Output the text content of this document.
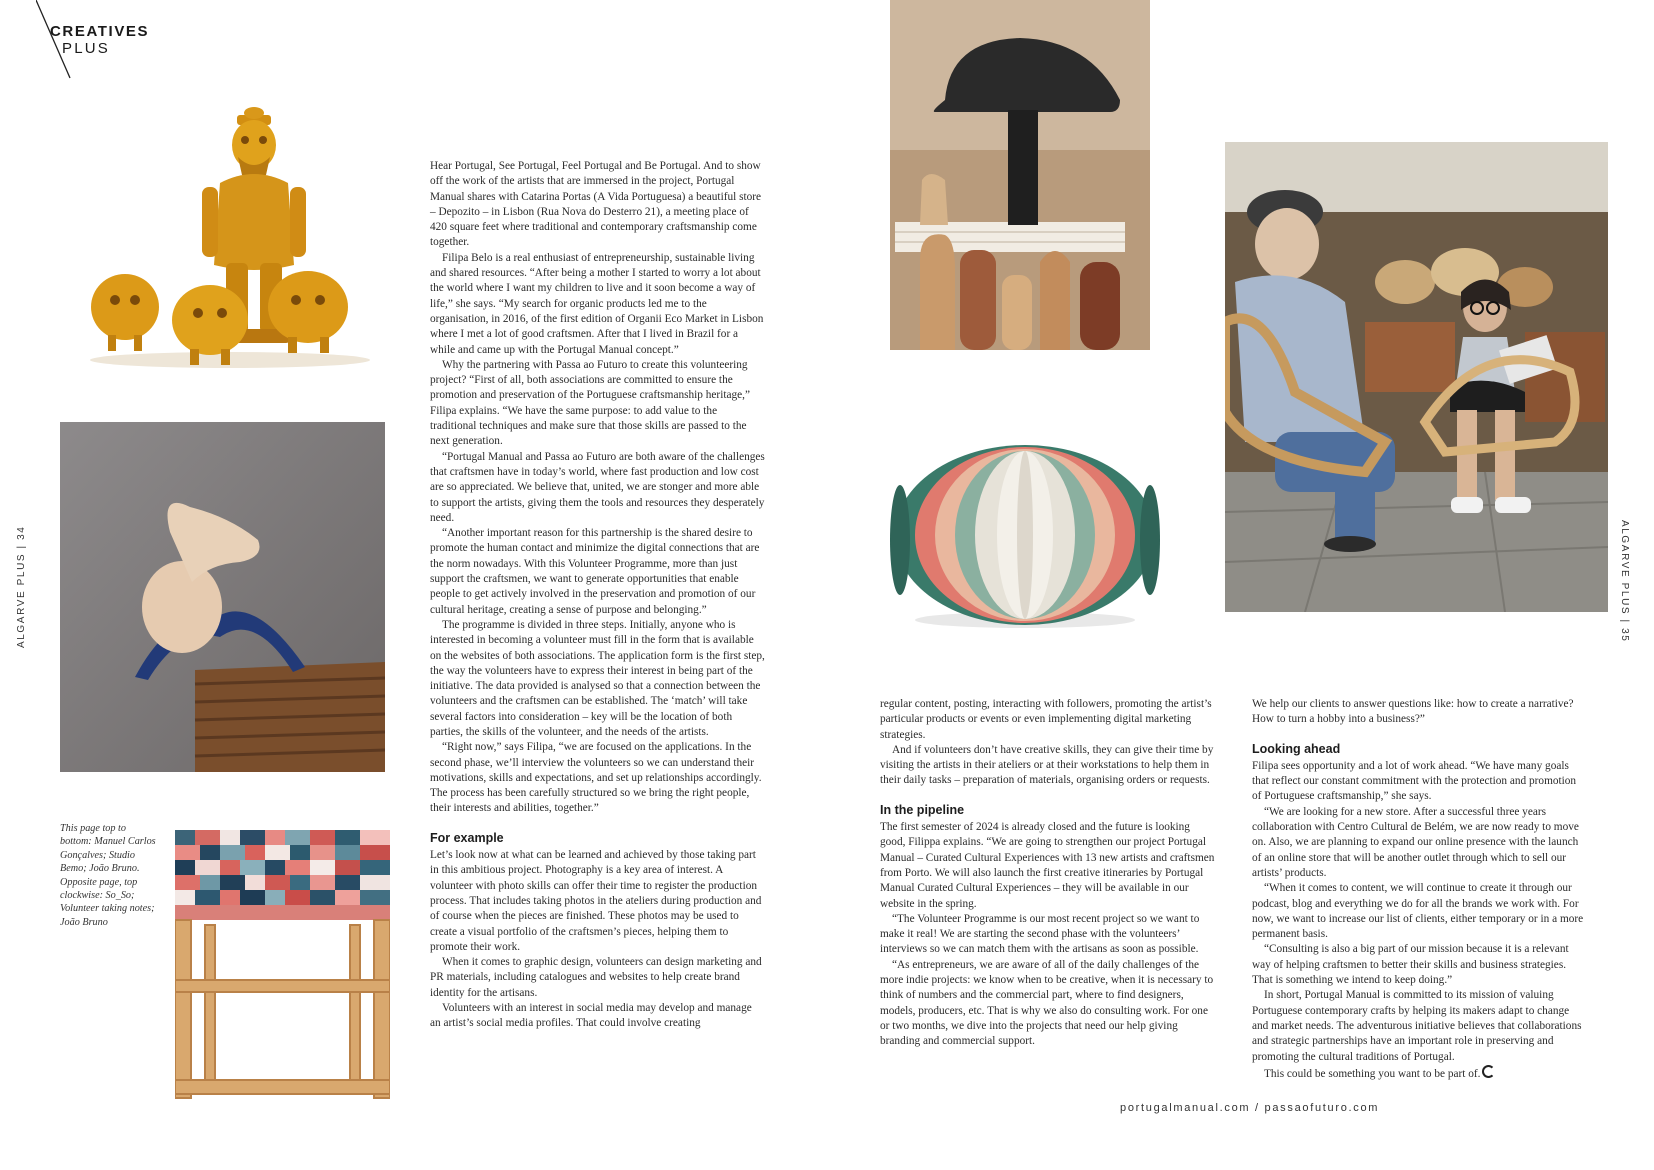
CREATIVES
PLUS
ALGARVE PLUS | 34	ALGARVE PLUS | 35
This page top to bottom: Manuel Carlos Gonçalves; Studio Bemo; João Bruno. Opposite page, top clockwise: So_So; Volunteer taking notes; João Bruno

Hear Portugal, See Portugal, Feel Portugal and Be Portugal. And to show off the work of the artists that are immersed in the project, Portugal Manual shares with Catarina Portas (A Vida Portuguesa) a beautiful store – Depozito – in Lisbon (Rua Nova do Desterro 21), a meeting place of 420 square feet where traditional and contemporary craftsmanship come together.

Filipa Belo is a real enthusiast of entrepreneurship, sustainable living and shared resources. “After being a mother I started to worry a lot about the world where I want my children to live and it soon become a way of life,” she says. “My search for organic products led me to the organisation, in 2016, of the first edition of Organii Eco Market in Lisbon where I met a lot of good craftsmen. After that I lived in Brazil for a while and came up with the Portugal Manual concept.”

Why the partnering with Passa ao Futuro to create this volunteering project? “First of all, both associations are committed to ensure the promotion and preservation of the Portuguese craftsmanship heritage,” Filipa explains. “We have the same purpose: to add value to the traditional techniques and make sure that those skills are passed to the next generation.

“Portugal Manual and Passa ao Futuro are both aware of the challenges that craftsmen have in today’s world, where fast production and low cost are so appreciated. We believe that, united, we are stonger and more able to support the artists, giving them the tools and resources they desperately need.

“Another important reason for this partnership is the shared desire to promote the human contact and minimize the digital connections that are the norm nowadays. With this Volunteer Programme, more than just support the craftsmen, we want to generate opportunities that enable people to get actively involved in the preservation and promotion of our cultural heritage, creating a sense of purpose and belonging.”

The programme is divided in three steps. Initially, anyone who is interested in becoming a volunteer must fill in the form that is available on the websites of both associations. The application form is the first step, the way the volunteers have to express their interest in being part of the initiative. The data provided is analysed so that a connection between the volunteers and the craftsmen can be established. The ‘match’ will take several factors into consideration – key will be the location of both parties, the skills of the volunteer, and the needs of the artists.

“Right now,” says Filipa, “we are focused on the applications. In the second phase, we’ll interview the volunteers so we can understand their motivations, skills and expectations, and set up relationships accordingly. The process has been carefully structured so we bring the right people, their interests and abilities, together.”

For example

Let’s look now at what can be learned and achieved by those taking part in this ambitious project. Photography is a key area of interest. A volunteer with photo skills can offer their time to register the production process. That includes taking photos in the ateliers during production and of course when the pieces are finished. These photos may be used to create a visual portfolio of the craftsmen’s pieces, helping them to promote their work.

When it comes to graphic design, volunteers can design marketing and PR materials, including catalogues and websites to help create brand identity for the artisans.

Volunteers with an interest in social media may develop and manage an artist’s social media profiles. That could involve creating

regular content, posting, interacting with followers, promoting the artist’s particular products or events or even implementing digital marketing strategies.

And if volunteers don’t have creative skills, they can give their time by visiting the artists in their ateliers or at their workstations to help them in their daily tasks – preparation of materials, organising orders or requests.

In the pipeline

The first semester of 2024 is already closed and the future is looking good, Filippa explains. “We are going to strengthen our project Portugal Manual – Curated Cultural Experiences with 13 new artists and craftsmen from Porto. We will also launch the first creative itineraries by Portugal Manual Curated Cultural Experiences – they will be available in our website in the spring.

“The Volunteer Programme is our most recent project so we want to make it real! We are starting the second phase with the volunteers’ interviews so we can match them with the artisans as soon as possible.

“As entrepreneurs, we are aware of all of the daily challenges of the more indie projects: we know when to be creative, when it is necessary to think of numbers and the commercial part, where to find designers, models, producers, etc. That is why we also do consulting work. For one or two months, we dive into the projects that need our help giving branding and commercial support.

We help our clients to answer questions like: how to create a narrative? How to turn a hobby into a business?”

Looking ahead

Filipa sees opportunity and a lot of work ahead. “We have many goals that reflect our constant commitment with the protection and promotion of Portuguese craftsmanship,” she says.

“We are looking for a new store. After a successful three years collaboration with Centro Cultural de Belém, we are now ready to move on. Also, we are planning to expand our online presence with the launch of an online store that will be another outlet through which to sell our artists’ products.

“When it comes to content, we will continue to create it through our podcast, blog and everything we do for all the brands we work with. For now, we want to increase our list of clients, either temporary or in a more permanent basis.

“Consulting is also a big part of our mission because it is a relevant way of helping craftsmen to better their skills and business strategies. That is something we intend to keep doing.”

In short, Portugal Manual is committed to its mission of valuing Portuguese contemporary crafts by helping its makers adapt to change and market needs. The adventurous initiative believes that collaborations and strategic partnerships have an important role in preserving and promoting the cultural traditions of Portugal.

This could be something you want to be part of.

portugalmanual.com / passaofuturo.com
